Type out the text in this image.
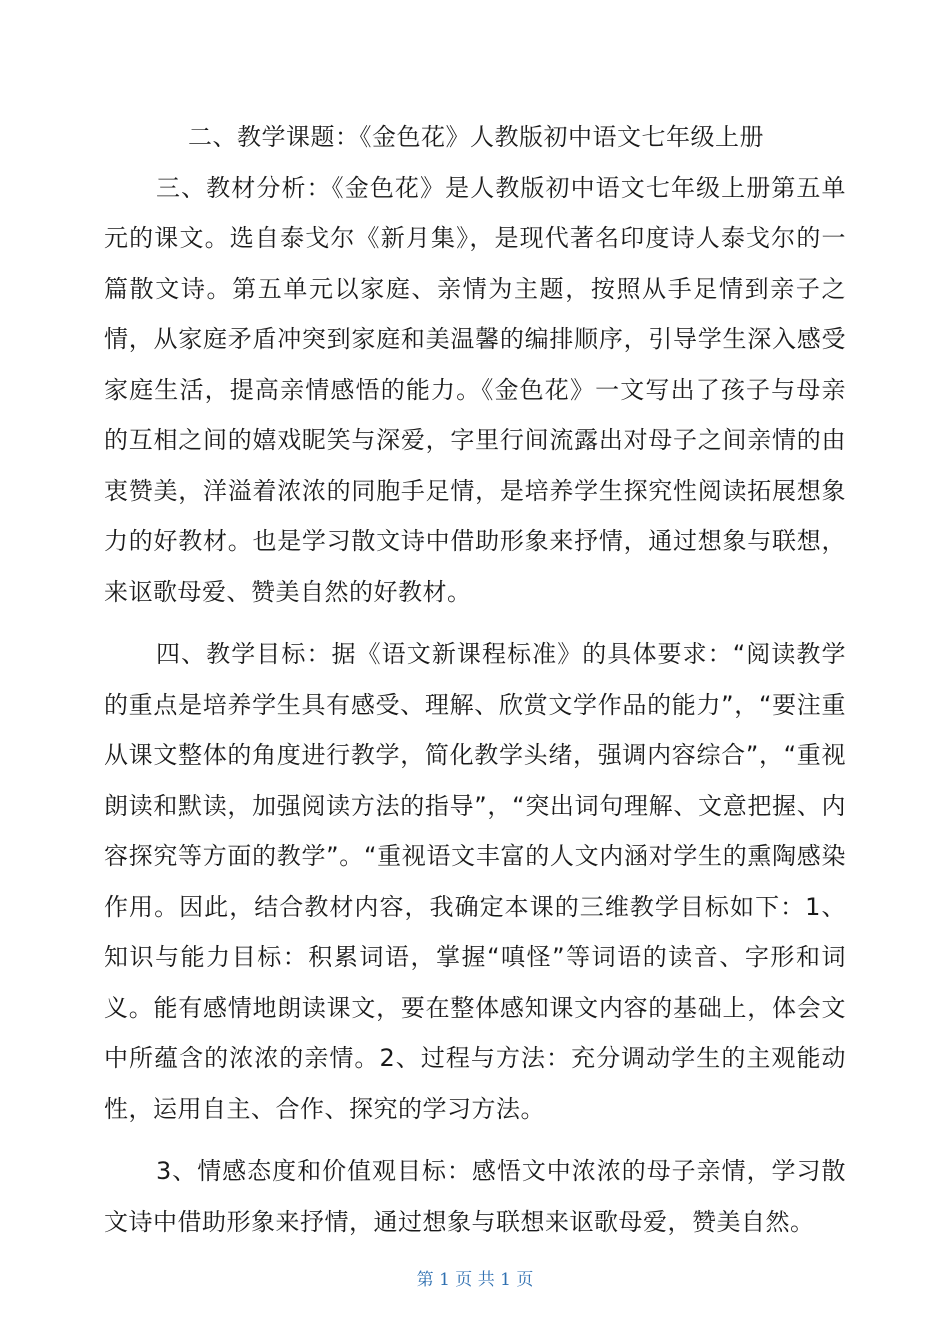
二、教学课题：《金色花》人教版初中语文七年级上册

三、教材分析：《金色花》是人教版初中语文七年级上册第五单元的课文。选自泰戈尔《新月集》，是现代著名印度诗人泰戈尔的一篇散文诗。第五单元以家庭、亲情为主题，按照从手足情到亲子之情，从家庭矛盾冲突到家庭和美温馨的编排顺序，引导学生深入感受家庭生活，提高亲情感悟的能力。《金色花》一文写出了孩子与母亲的互相之间的嬉戏眤笑与深爱，字里行间流露出对母子之间亲情的由衷赞美，洋溢着浓浓的同胞手足情，是培养学生探究性阅读拓展想象力的好教材。也是学习散文诗中借助形象来抒情，通过想象与联想，来讴歌母爱、赞美自然的好教材。

四、教学目标：据《语文新课程标准》的具体要求：“阅读教学的重点是培养学生具有感受、理解、欣赏文学作品的能力”，“要注重从课文整体的角度进行教学，简化教学头绪，强调内容综合”，“重视朗读和默读，加强阅读方法的指导”，“突出词句理解、文意把握、内容探究等方面的教学”。“重视语文丰富的人文内涵对学生的熏陶感染作用。因此，结合教材内容，我确定本课的三维教学目标如下：1、知识与能力目标：积累词语，掌握“嗔怪”等词语的读音、字形和词义。能有感情地朗读课文，要在整体感知课文内容的基础上，体会文中所蕴含的浓浓的亲情。2、过程与方法：充分调动学生的主观能动性，运用自主、合作、探究的学习方法。

3、情感态度和价值观目标：感悟文中浓浓的母子亲情，学习散文诗中借助形象来抒情，通过想象与联想来讴歌母爱，赞美自然。

第 1 页 共 1 页
